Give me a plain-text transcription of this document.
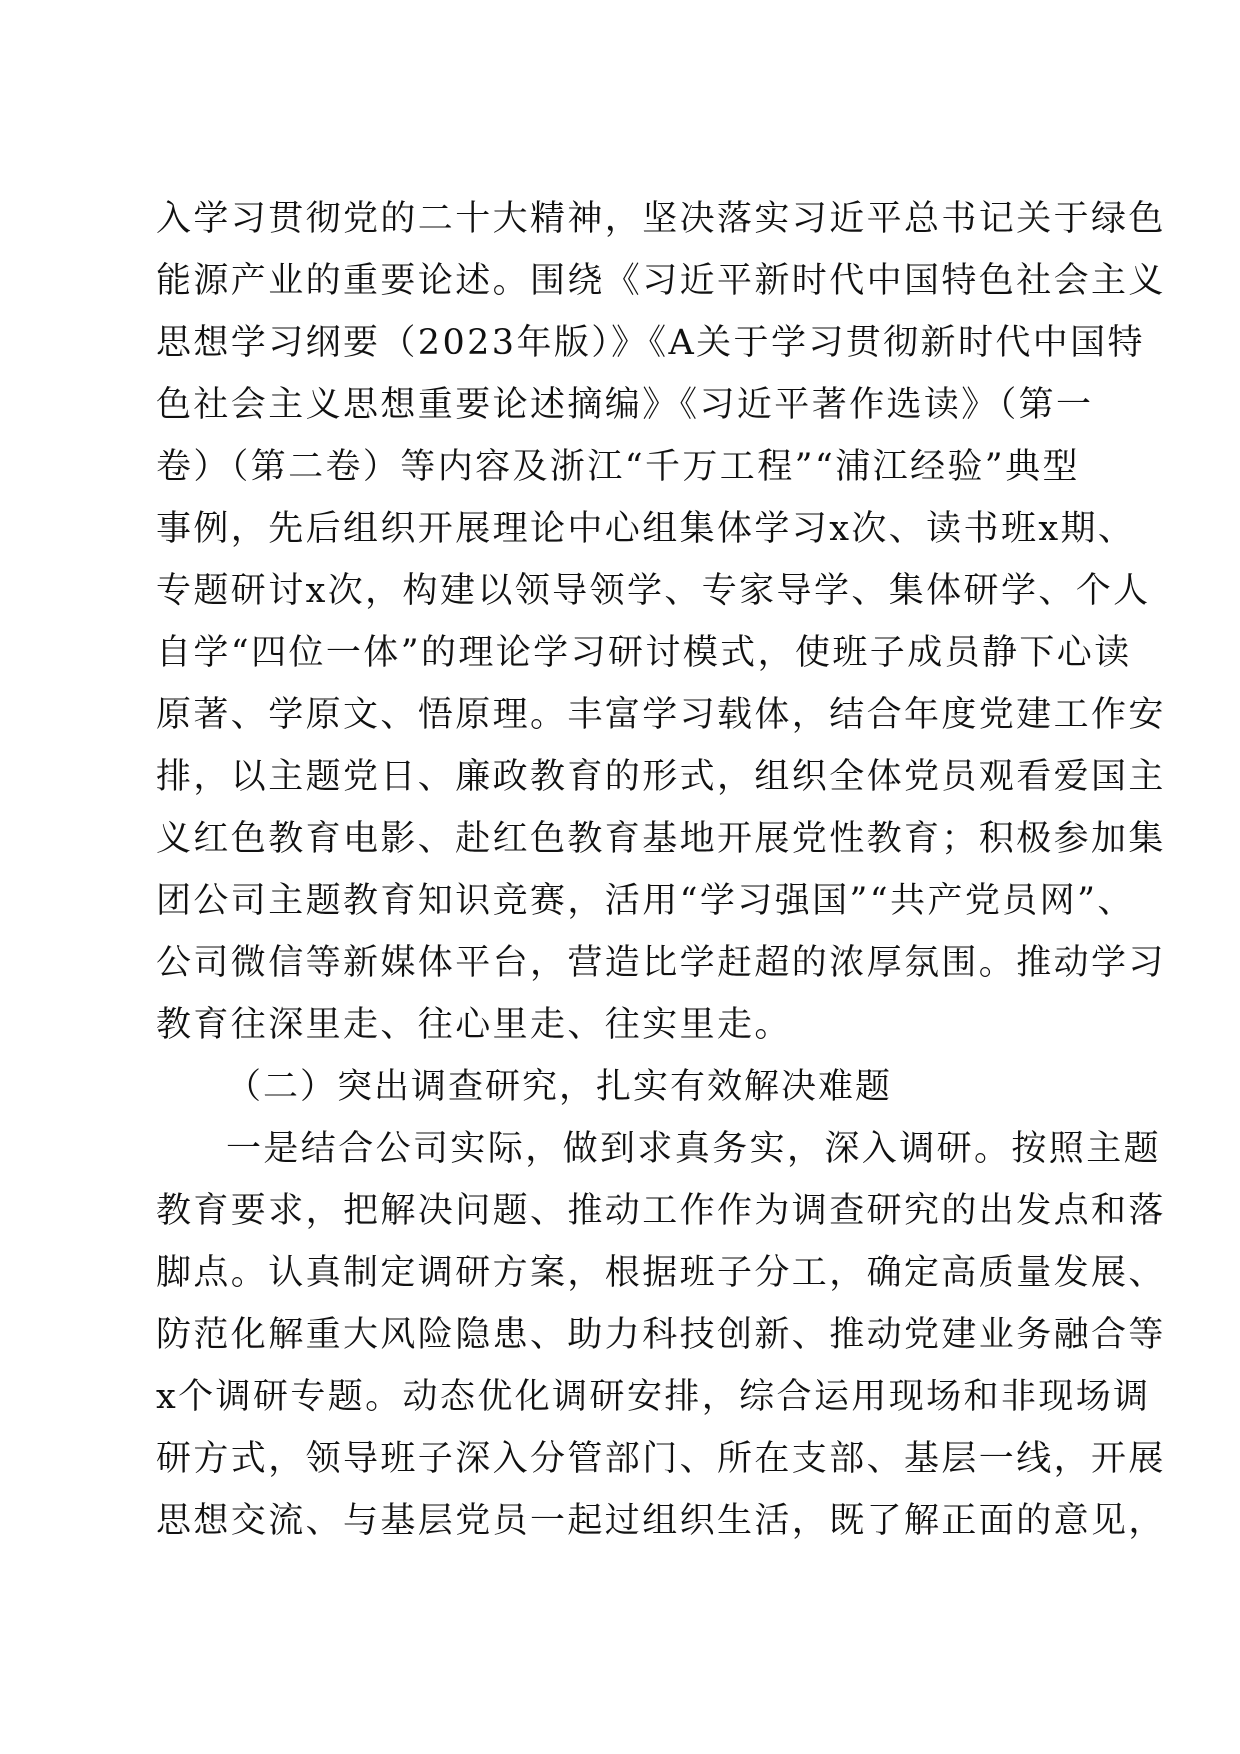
入学习贯彻党的二十大精神，坚决落实习近平总书记关于绿色
能源产业的重要论述。围绕《习近平新时代中国特色社会主义
思想学习纲要（2023年版）》《A关于学习贯彻新时代中国特
色社会主义思想重要论述摘编》《习近平著作选读》（第一
卷）（第二卷）等内容及浙江“千万工程”“浦江经验”典型
事例，先后组织开展理论中心组集体学习x次、读书班x期、
专题研讨x次，构建以领导领学、专家导学、集体研学、个人
自学“四位一体”的理论学习研讨模式，使班子成员静下心读
原著、学原文、悟原理。丰富学习载体，结合年度党建工作安
排，以主题党日、廉政教育的形式，组织全体党员观看爱国主
义红色教育电影、赴红色教育基地开展党性教育；积极参加集
团公司主题教育知识竞赛，活用“学习强国”“共产党员网”、
公司微信等新媒体平台，营造比学赶超的浓厚氛围。推动学习
教育往深里走、往心里走、往实里走。
（二）突出调查研究，扎实有效解决难题
一是结合公司实际，做到求真务实，深入调研。按照主题
教育要求，把解决问题、推动工作作为调查研究的出发点和落
脚点。认真制定调研方案，根据班子分工，确定高质量发展、
防范化解重大风险隐患、助力科技创新、推动党建业务融合等
x个调研专题。动态优化调研安排，综合运用现场和非现场调
研方式，领导班子深入分管部门、所在支部、基层一线，开展
思想交流、与基层党员一起过组织生活，既了解正面的意见，
